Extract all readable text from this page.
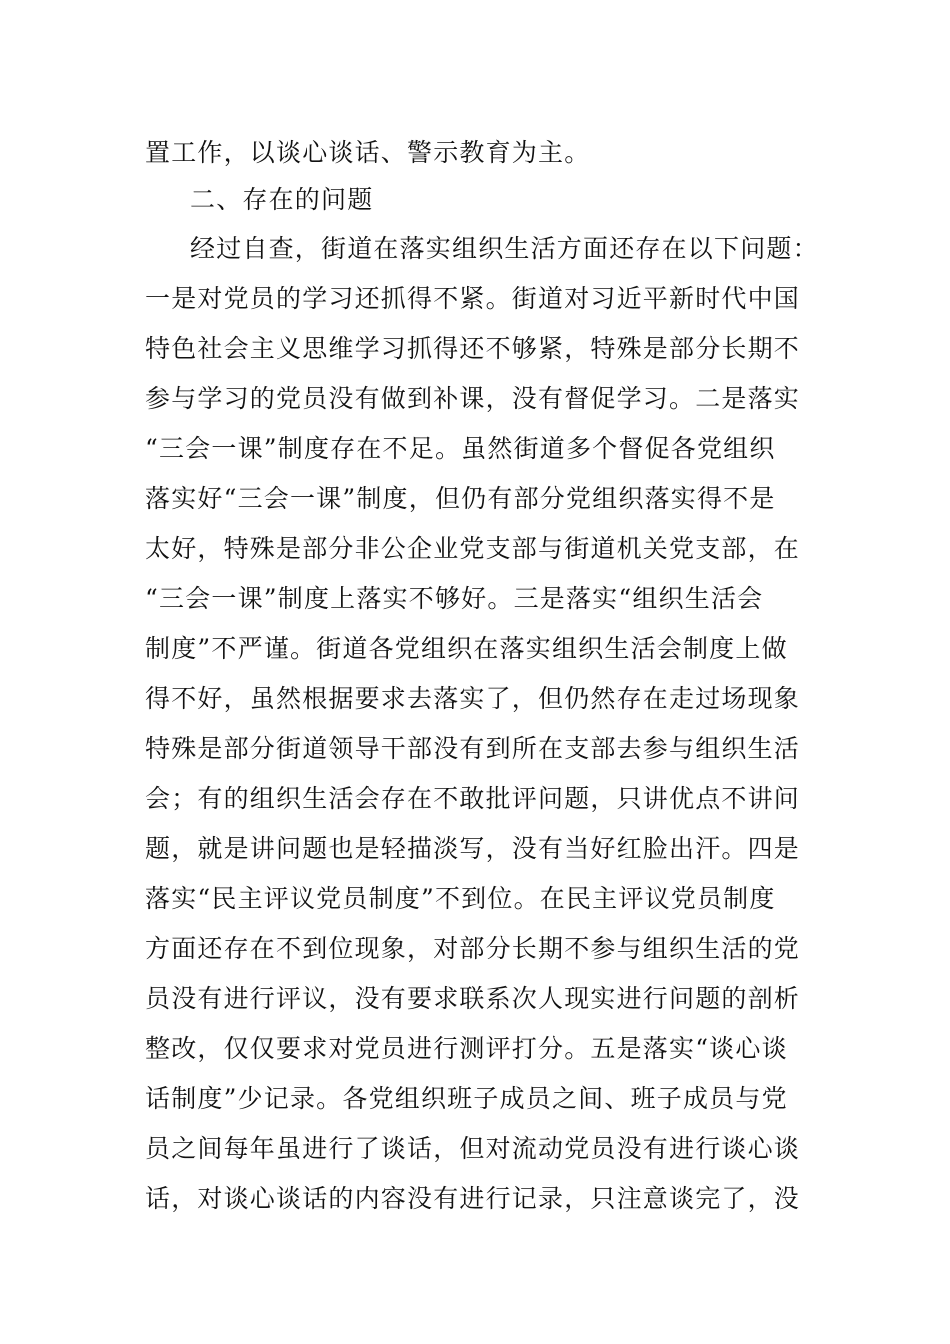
置工作，以谈心谈话、警示教育为主。
二、存在的问题
经过自查，街道在落实组织生活方面还存在以下问题：
一是对党员的学习还抓得不紧。街道对习近平新时代中国
特色社会主义思维学习抓得还不够紧，特殊是部分长期不
参与学习的党员没有做到补课，没有督促学习。二是落实
“三会一课”制度存在不足。虽然街道多个督促各党组织
落实好“三会一课”制度，但仍有部分党组织落实得不是
太好，特殊是部分非公企业党支部与街道机关党支部，在
“三会一课”制度上落实不够好。三是落实“组织生活会
制度”不严谨。街道各党组织在落实组织生活会制度上做
得不好，虽然根据要求去落实了，但仍然存在走过场现象
特殊是部分街道领导干部没有到所在支部去参与组织生活
会；有的组织生活会存在不敢批评问题，只讲优点不讲问
题，就是讲问题也是轻描淡写，没有当好红脸出汗。四是
落实“民主评议党员制度”不到位。在民主评议党员制度
方面还存在不到位现象，对部分长期不参与组织生活的党
员没有进行评议，没有要求联系次人现实进行问题的剖析
整改，仅仅要求对党员进行测评打分。五是落实“谈心谈
话制度”少记录。各党组织班子成员之间、班子成员与党
员之间每年虽进行了谈话，但对流动党员没有进行谈心谈
话，对谈心谈话的内容没有进行记录，只注意谈完了，没
